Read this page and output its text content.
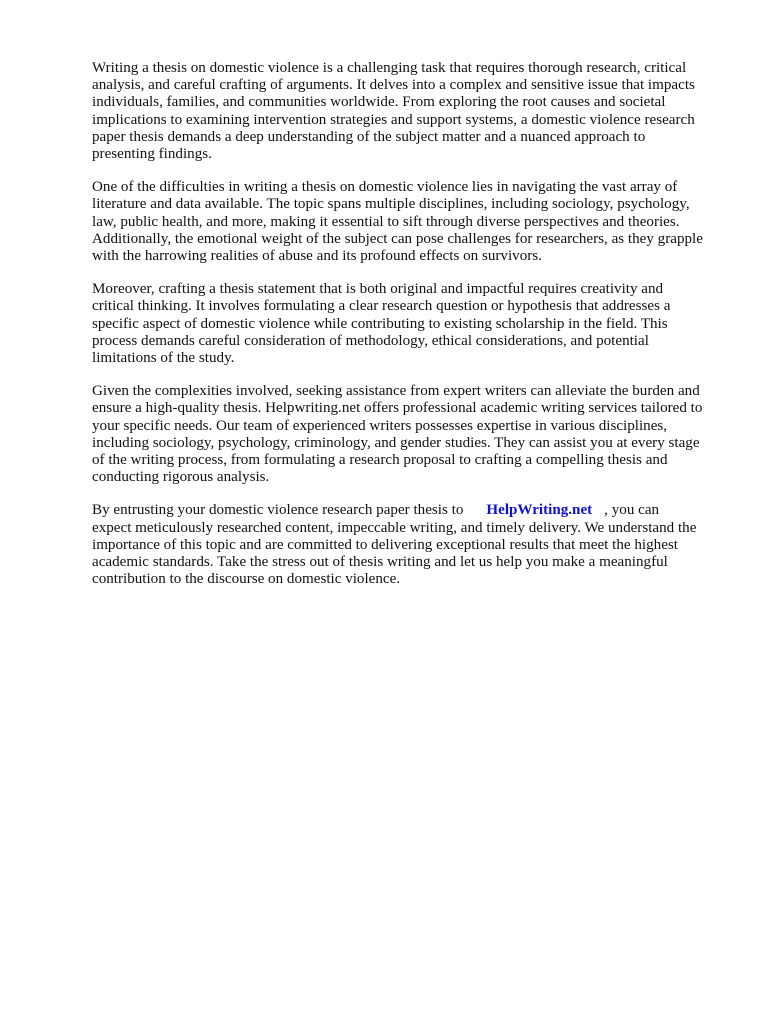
Writing a thesis on domestic violence is a challenging task that requires thorough research, critical
analysis, and careful crafting of arguments. It delves into a complex and sensitive issue that impacts
individuals, families, and communities worldwide. From exploring the root causes and societal
implications to examining intervention strategies and support systems, a domestic violence research
paper thesis demands a deep understanding of the subject matter and a nuanced approach to
presenting findings.

One of the difficulties in writing a thesis on domestic violence lies in navigating the vast array of
literature and data available. The topic spans multiple disciplines, including sociology, psychology,
law, public health, and more, making it essential to sift through diverse perspectives and theories.
Additionally, the emotional weight of the subject can pose challenges for researchers, as they grapple
with the harrowing realities of abuse and its profound effects on survivors.

Moreover, crafting a thesis statement that is both original and impactful requires creativity and
critical thinking. It involves formulating a clear research question or hypothesis that addresses a
specific aspect of domestic violence while contributing to existing scholarship in the field. This
process demands careful consideration of methodology, ethical considerations, and potential
limitations of the study.

Given the complexities involved, seeking assistance from expert writers can alleviate the burden and
ensure a high-quality thesis. Helpwriting.net offers professional academic writing services tailored to
your specific needs. Our team of experienced writers possesses expertise in various disciplines,
including sociology, psychology, criminology, and gender studies. They can assist you at every stage
of the writing process, from formulating a research proposal to crafting a compelling thesis and
conducting rigorous analysis.

By entrusting your domestic violence research paper thesis to HelpWriting.net , you can
expect meticulously researched content, impeccable writing, and timely delivery. We understand the
importance of this topic and are committed to delivering exceptional results that meet the highest
academic standards. Take the stress out of thesis writing and let us help you make a meaningful
contribution to the discourse on domestic violence.
